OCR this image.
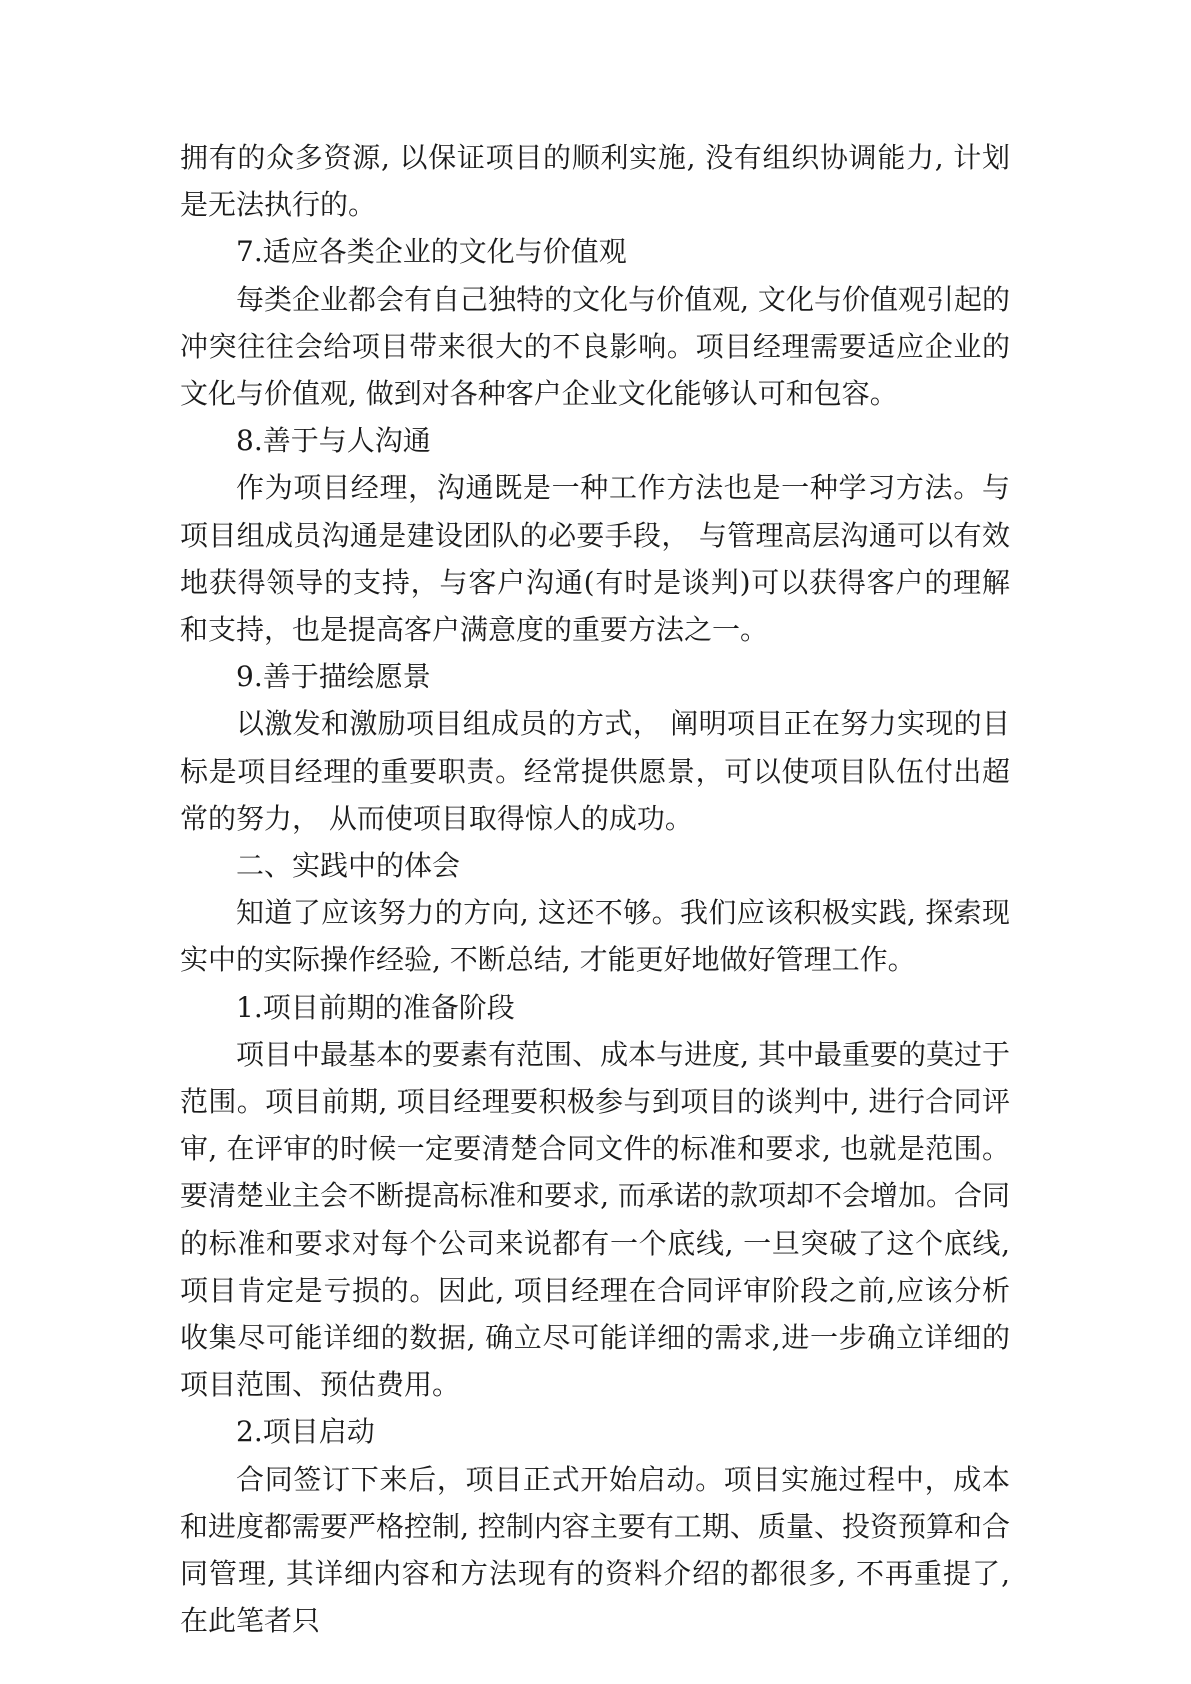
拥有的众多资源, 以保证项目的顺利实施, 没有组织协调能力, 计划是无法执行的。

7.适应各类企业的文化与价值观

每类企业都会有自己独特的文化与价值观, 文化与价值观引起的冲突往往会给项目带来很大的不良影响。项目经理需要适应企业的文化与价值观, 做到对各种客户企业文化能够认可和包容。

8.善于与人沟通

作为项目经理，沟通既是一种工作方法也是一种学习方法。与项目组成员沟通是建设团队的必要手段， 与管理高层沟通可以有效地获得领导的支持，与客户沟通(有时是谈判)可以获得客户的理解和支持，也是提高客户满意度的重要方法之一。

9.善于描绘愿景

以激发和激励项目组成员的方式， 阐明项目正在努力实现的目标是项目经理的重要职责。经常提供愿景，可以使项目队伍付出超常的努力， 从而使项目取得惊人的成功。

二、实践中的体会

知道了应该努力的方向, 这还不够。我们应该积极实践, 探索现实中的实际操作经验, 不断总结, 才能更好地做好管理工作。

1.项目前期的准备阶段

项目中最基本的要素有范围、成本与进度, 其中最重要的莫过于范围。项目前期, 项目经理要积极参与到项目的谈判中, 进行合同评审, 在评审的时候一定要清楚合同文件的标准和要求, 也就是范围。要清楚业主会不断提高标准和要求, 而承诺的款项却不会增加。合同的标准和要求对每个公司来说都有一个底线, 一旦突破了这个底线,项目肯定是亏损的。因此, 项目经理在合同评审阶段之前,应该分析收集尽可能详细的数据, 确立尽可能详细的需求,进一步确立详细的项目范围、预估费用。

2.项目启动

合同签订下来后，项目正式开始启动。项目实施过程中，成本和进度都需要严格控制, 控制内容主要有工期、质量、投资预算和合同管理, 其详细内容和方法现有的资料介绍的都很多, 不再重提了, 在此笔者只
